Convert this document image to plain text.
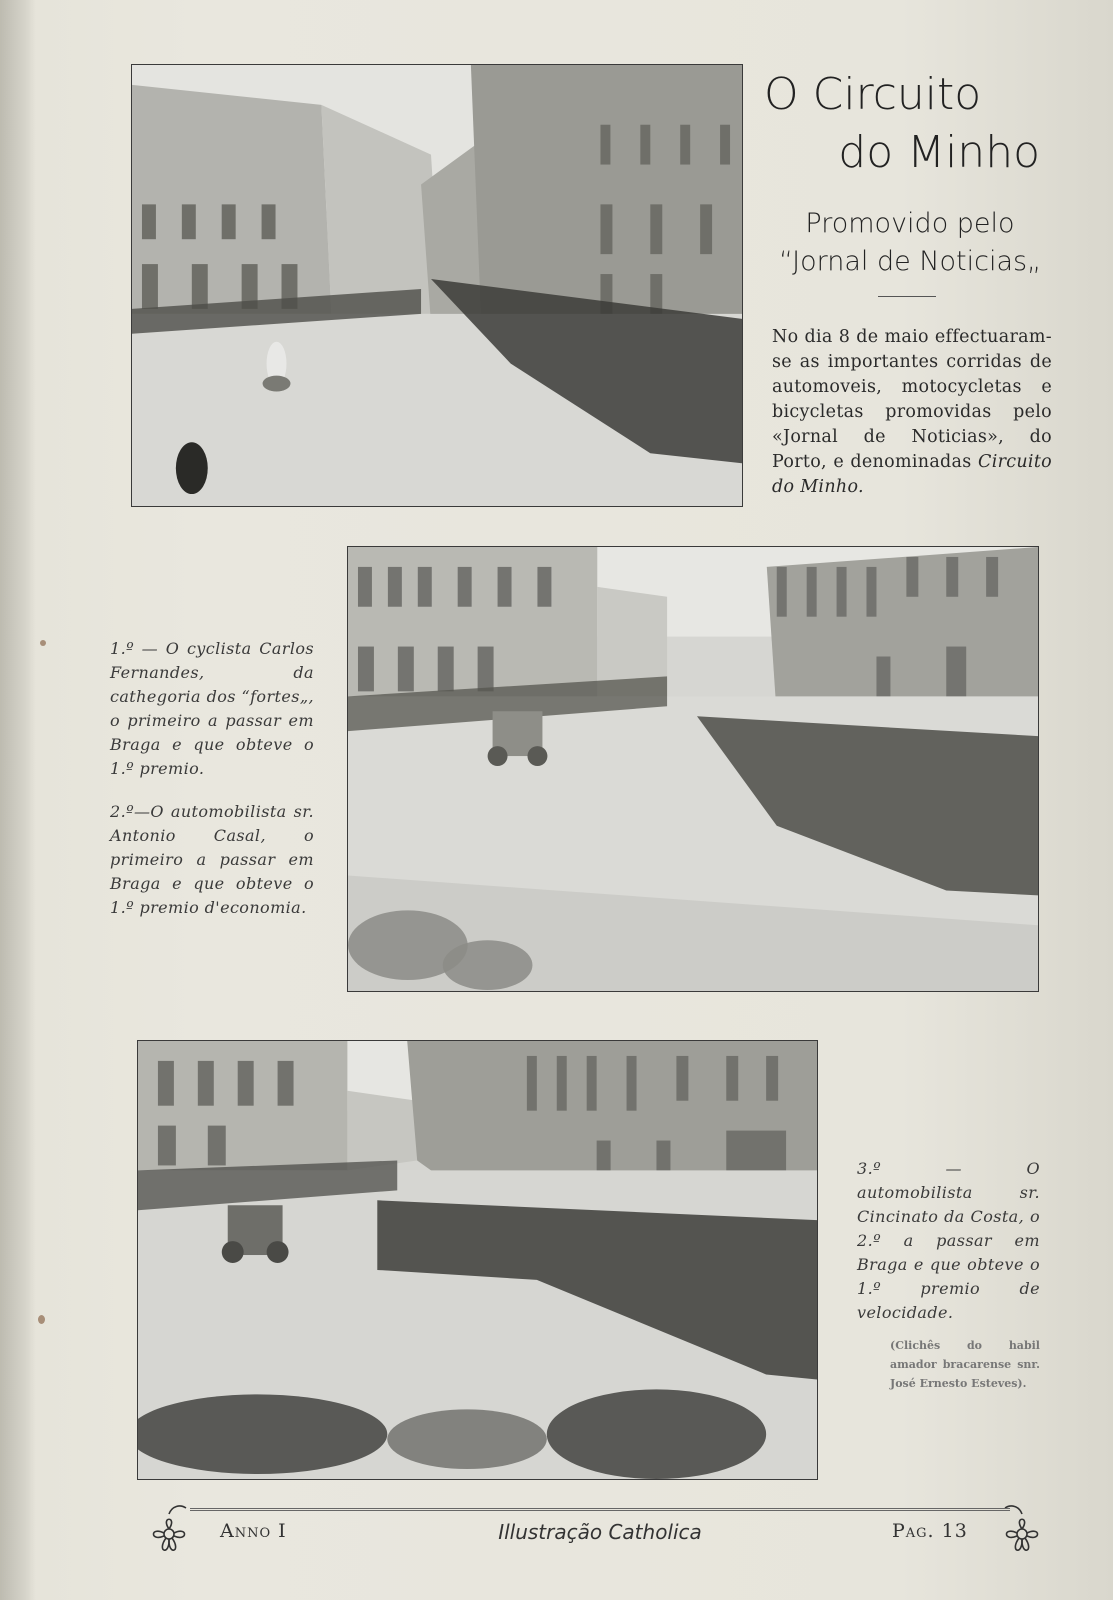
O Circuito
do Minho
Promovido pelo
“Jornal de Noticias„
No dia 8 de maio effectuaram-se as importantes corridas de automoveis, motocycletas e bicycletas promovidas pelo «Jornal de Noticias», do Porto, e denominadas Circuito do Minho.
1.º — O cyclista Carlos Fernandes, da cathegoria dos “fortes„, o primeiro a passar em Braga e que obteve o 1.º premio.
2.º—O automobilista sr. Antonio Casal, o primeiro a passar em Braga e que obteve o 1.º premio d'economia.
3.º — O automobilista sr. Cincinato da Costa, o 2.º a passar em Braga e que obteve o 1.º premio de velocidade.
(Clichês do habil amador bracarense snr. José Ernesto Esteves).
Anno I	Illustração Catholica	Pag. 13
